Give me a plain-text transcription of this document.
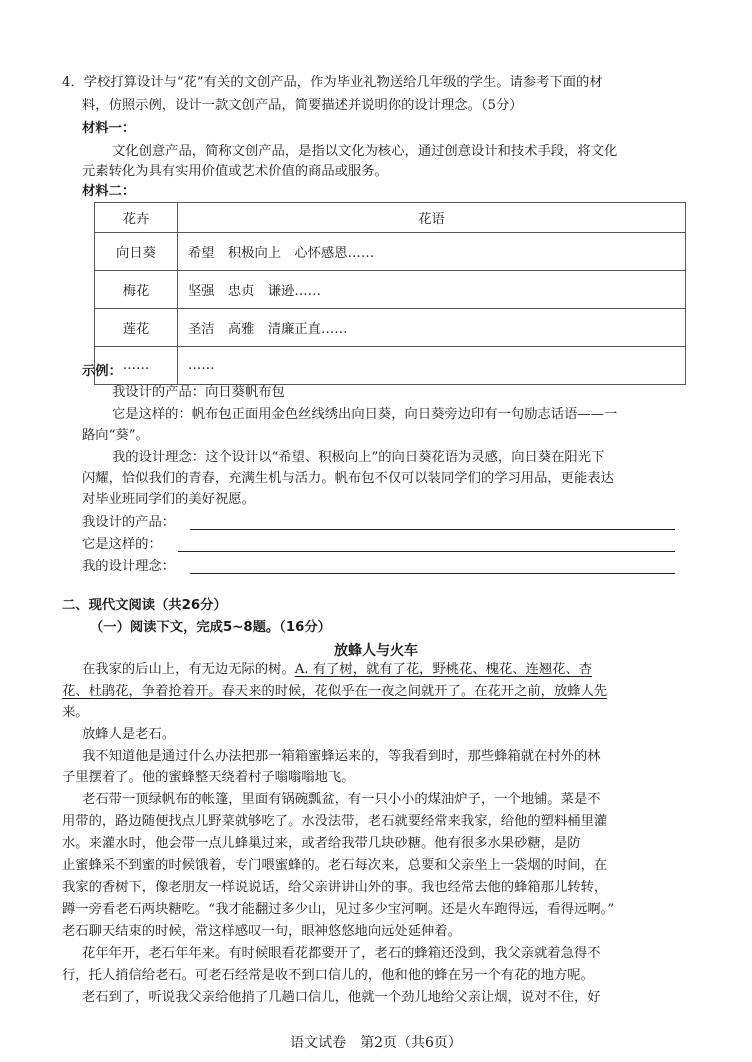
4．学校打算设计与“花”有关的文创产品，作为毕业礼物送给几年级的学生。请参考下面的材
料，仿照示例，设计一款文创产品，简要描述并说明你的设计理念。（5分）
材料一：
文化创意产品，简称文创产品，是指以文化为核心，通过创意设计和技术手段，将文化
元素转化为具有实用价值或艺术价值的商品或服务。
材料二：
花卉	花语
向日葵	希望　积极向上　心怀感恩……
梅花	坚强　忠贞　谦逊……
莲花	圣洁　高雅　清廉正直……
……	……
示例：
我设计的产品：向日葵帆布包
它是这样的：帆布包正面用金色丝线绣出向日葵，向日葵旁边印有一句励志话语——一
路向“葵”。
我的设计理念：这个设计以“希望、积极向上”的向日葵花语为灵感，向日葵在阳光下
闪耀，恰似我们的青春，充满生机与活力。帆布包不仅可以装同学们的学习用品，更能表达
对毕业班同学们的美好祝愿。
我设计的产品：
它是这样的：
我的设计理念：
二、现代文阅读（共26分）
（一）阅读下文，完成5~8题。（16分）
放蜂人与火车
在我家的后山上，有无边无际的树。A. 有了树，就有了花，野桃花、槐花、连翘花、杏
花、杜鹃花，争着抢着开。春天来的时候，花似乎在一夜之间就开了。在花开之前，放蜂人先
来。
放蜂人是老石。
我不知道他是通过什么办法把那一箱箱蜜蜂运来的，等我看到时，那些蜂箱就在村外的林
子里摆着了。他的蜜蜂整天绕着村子嗡嗡嗡地飞。
老石带一顶绿帆布的帐篷，里面有锅碗瓢盆，有一只小小的煤油炉子，一个地铺。菜是不
用带的，路边随便找点儿野菜就够吃了。水没法带，老石就要经常来我家，给他的塑料桶里灌
水。来灌水时，他会带一点儿蜂巢过来，或者给我带几块砂糖。他有很多水果砂糖，是防
止蜜蜂采不到蜜的时候饿着，专门喂蜜蜂的。老石每次来，总要和父亲坐上一袋烟的时间，在
我家的香树下，像老朋友一样说说话，给父亲讲讲山外的事。我也经常去他的蜂箱那儿转转，
蹲一旁看老石两块糖吃。“我才能翻过多少山，见过多少宝河啊。还是火车跑得远，看得远啊。”
老石聊天结束的时候，常这样感叹一句，眼神悠悠地向远处延伸着。
花年年开，老石年年来。有时候眼看花都要开了，老石的蜂箱还没到，我父亲就着急得不
行，托人捎信给老石。可老石经常是收不到口信儿的，他和他的蜂在另一个有花的地方呢。
老石到了，听说我父亲给他捎了几趟口信儿，他就一个劲儿地给父亲让烟，说对不住，好
语文试卷　第2页（共6页）
